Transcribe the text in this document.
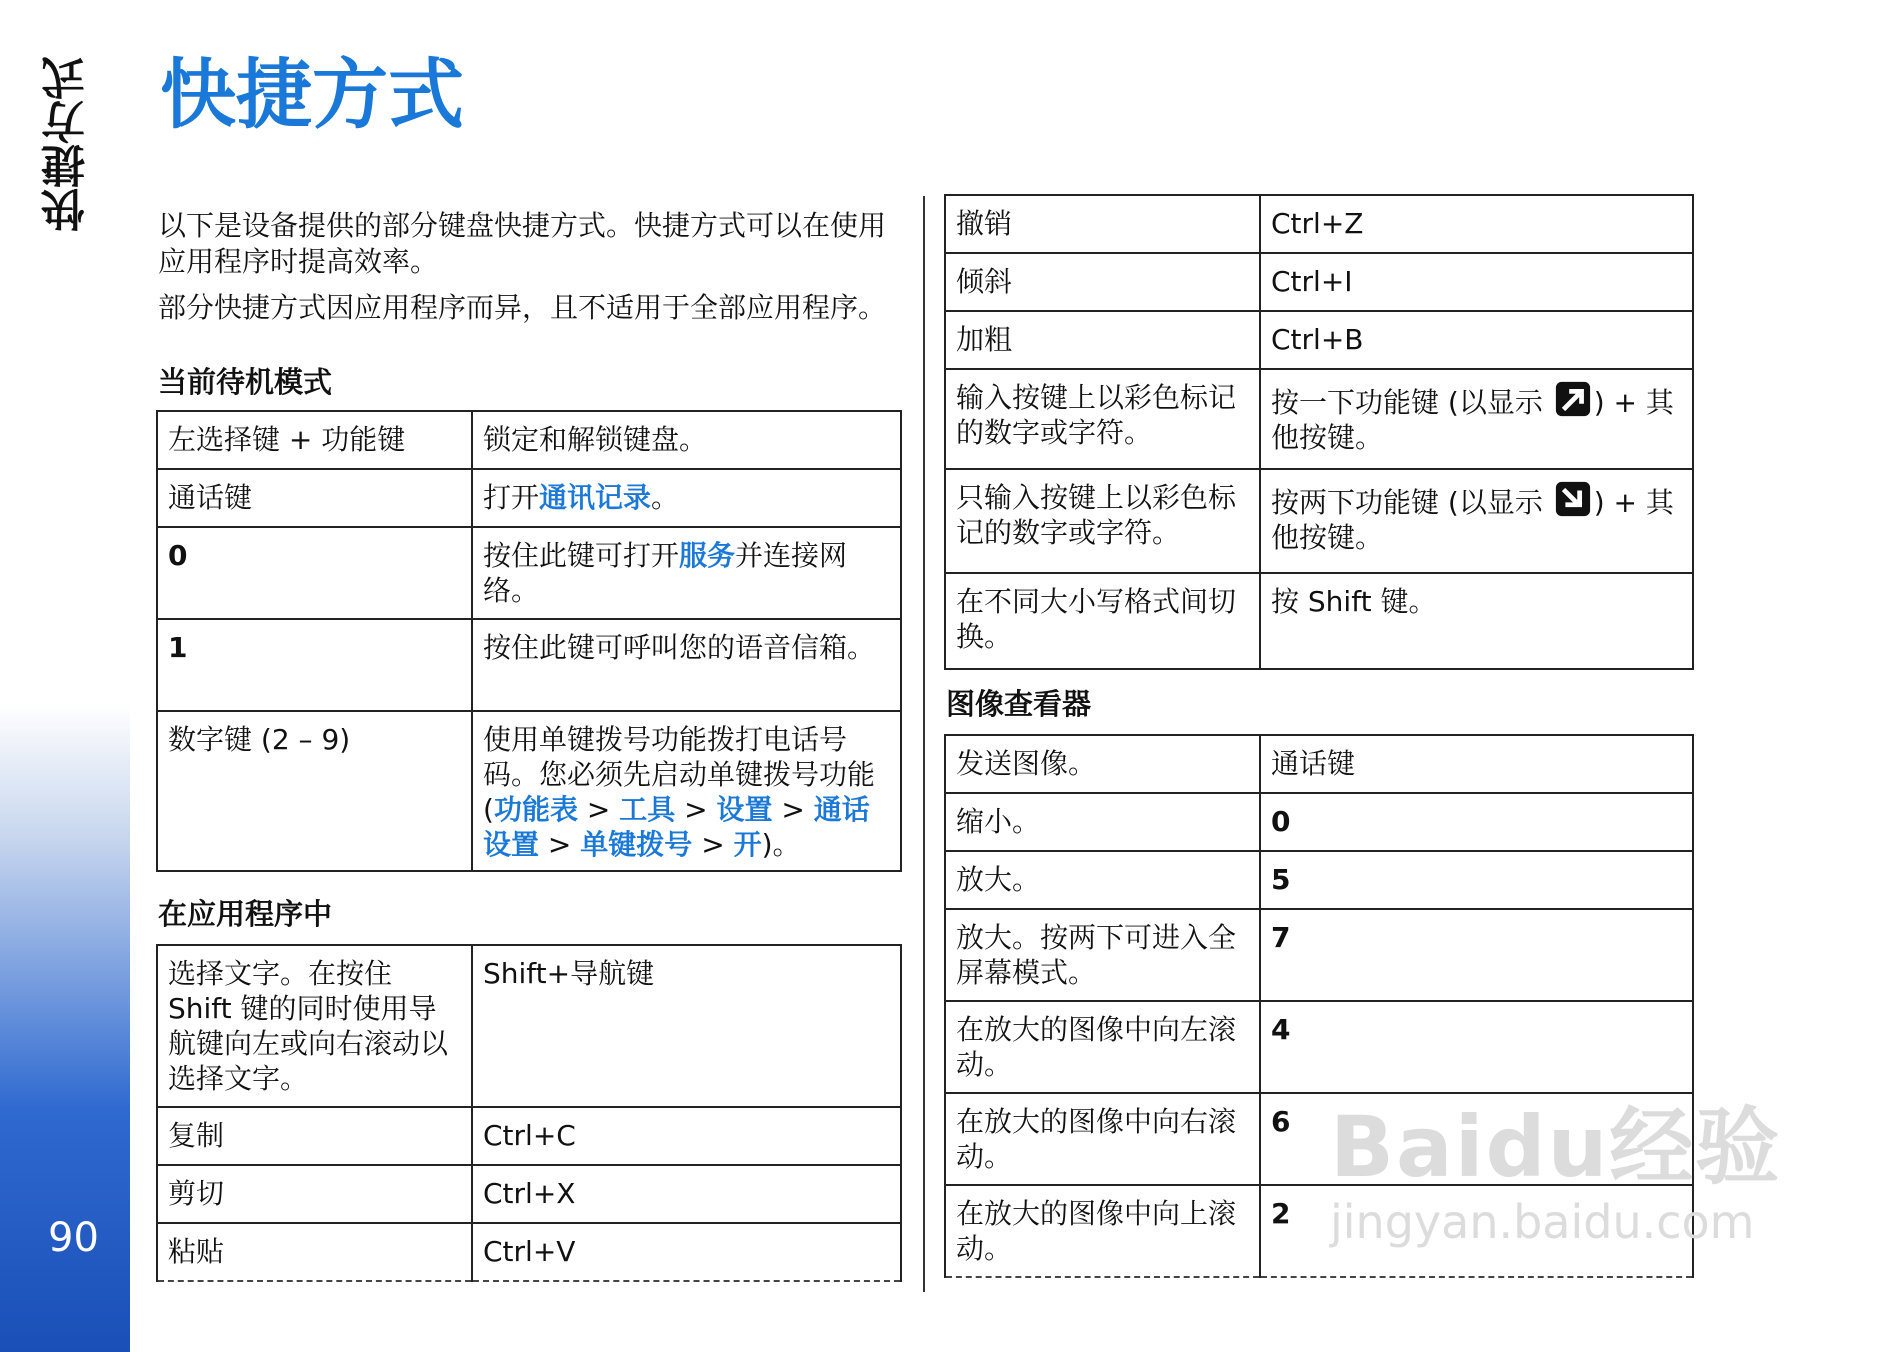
快捷方式
90
快捷方式

以下是设备提供的部分键盘快捷方式。快捷方式可以在使用应用程序时提高效率。

部分快捷方式因应用程序而异，且不适用于全部应用程序。

当前待机模式
左选择键 + 功能键	锁定和解锁键盘。
通话键	打开通讯记录。
0	按住此键可打开服务并连接网络。
1	按住此键可呼叫您的语音信箱。
数字键 (2 – 9)	使用单键拨号功能拨打电话号码。您必须先启动单键拨号功能 (功能表 > 工具 > 设置 > 通话设置 > 单键拨号 > 开)。
在应用程序中
选择文字。在按住 Shift 键的同时使用导航键向左或向右滚动以选择文字。	Shift+导航键
复制	Ctrl+C
剪切	Ctrl+X
粘贴	Ctrl+V
撤销	Ctrl+Z
倾斜	Ctrl+I
加粗	Ctrl+B
输入按键上以彩色标记的数字或字符。	按一下功能键 (以显示 ) + 其他按键。
只输入按键上以彩色标记的数字或字符。	按两下功能键 (以显示 ) + 其他按键。
在不同大小写格式间切换。	按 Shift 键。
图像查看器
发送图像。	通话键
缩小。	0
放大。	5
放大。按两下可进入全屏幕模式。	7
在放大的图像中向左滚动。	4
在放大的图像中向右滚动。	6
在放大的图像中向上滚动。	2
Baidu经验
jingyan.baidu.com
